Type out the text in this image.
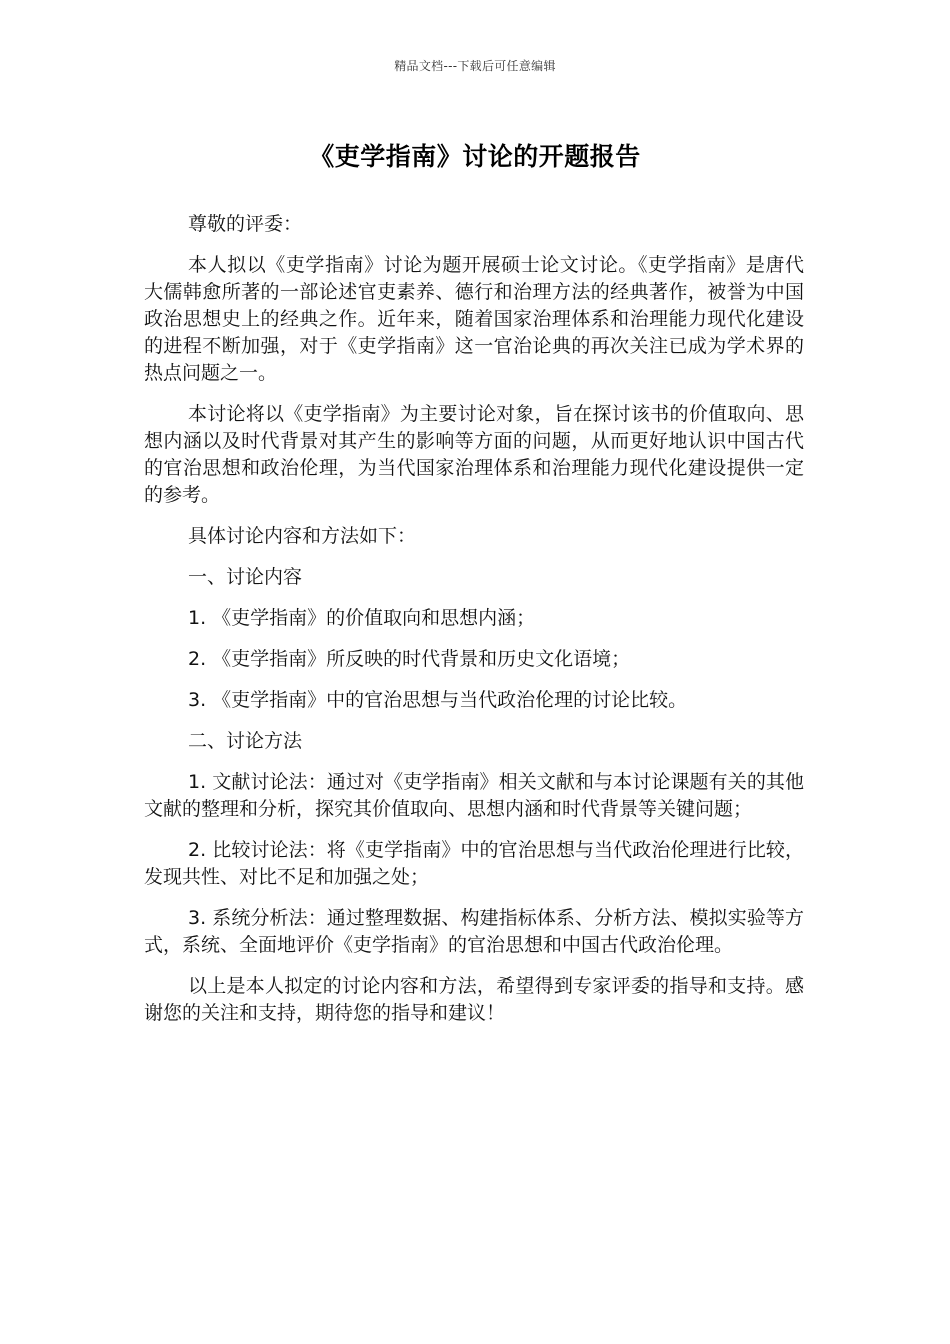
精品文档---下载后可任意编辑
《吏学指南》讨论的开题报告

尊敬的评委：

本人拟以《吏学指南》讨论为题开展硕士论文讨论。《吏学指南》是唐代大儒韩愈所著的一部论述官吏素养、德行和治理方法的经典著作，被誉为中国政治思想史上的经典之作。近年来，随着国家治理体系和治理能力现代化建设的进程不断加强，对于《吏学指南》这一官治论典的再次关注已成为学术界的热点问题之一。

本讨论将以《吏学指南》为主要讨论对象，旨在探讨该书的价值取向、思想内涵以及时代背景对其产生的影响等方面的问题，从而更好地认识中国古代的官治思想和政治伦理，为当代国家治理体系和治理能力现代化建设提供一定的参考。

具体讨论内容和方法如下：

一、讨论内容

1. 《吏学指南》的价值取向和思想内涵；

2. 《吏学指南》所反映的时代背景和历史文化语境；

3. 《吏学指南》中的官治思想与当代政治伦理的讨论比较。

二、讨论方法

1. 文献讨论法：通过对《吏学指南》相关文献和与本讨论课题有关的其他文献的整理和分析，探究其价值取向、思想内涵和时代背景等关键问题；

2. 比较讨论法：将《吏学指南》中的官治思想与当代政治伦理进行比较，发现共性、对比不足和加强之处；

3. 系统分析法：通过整理数据、构建指标体系、分析方法、模拟实验等方式，系统、全面地评价《吏学指南》的官治思想和中国古代政治伦理。

以上是本人拟定的讨论内容和方法，希望得到专家评委的指导和支持。感谢您的关注和支持，期待您的指导和建议！
